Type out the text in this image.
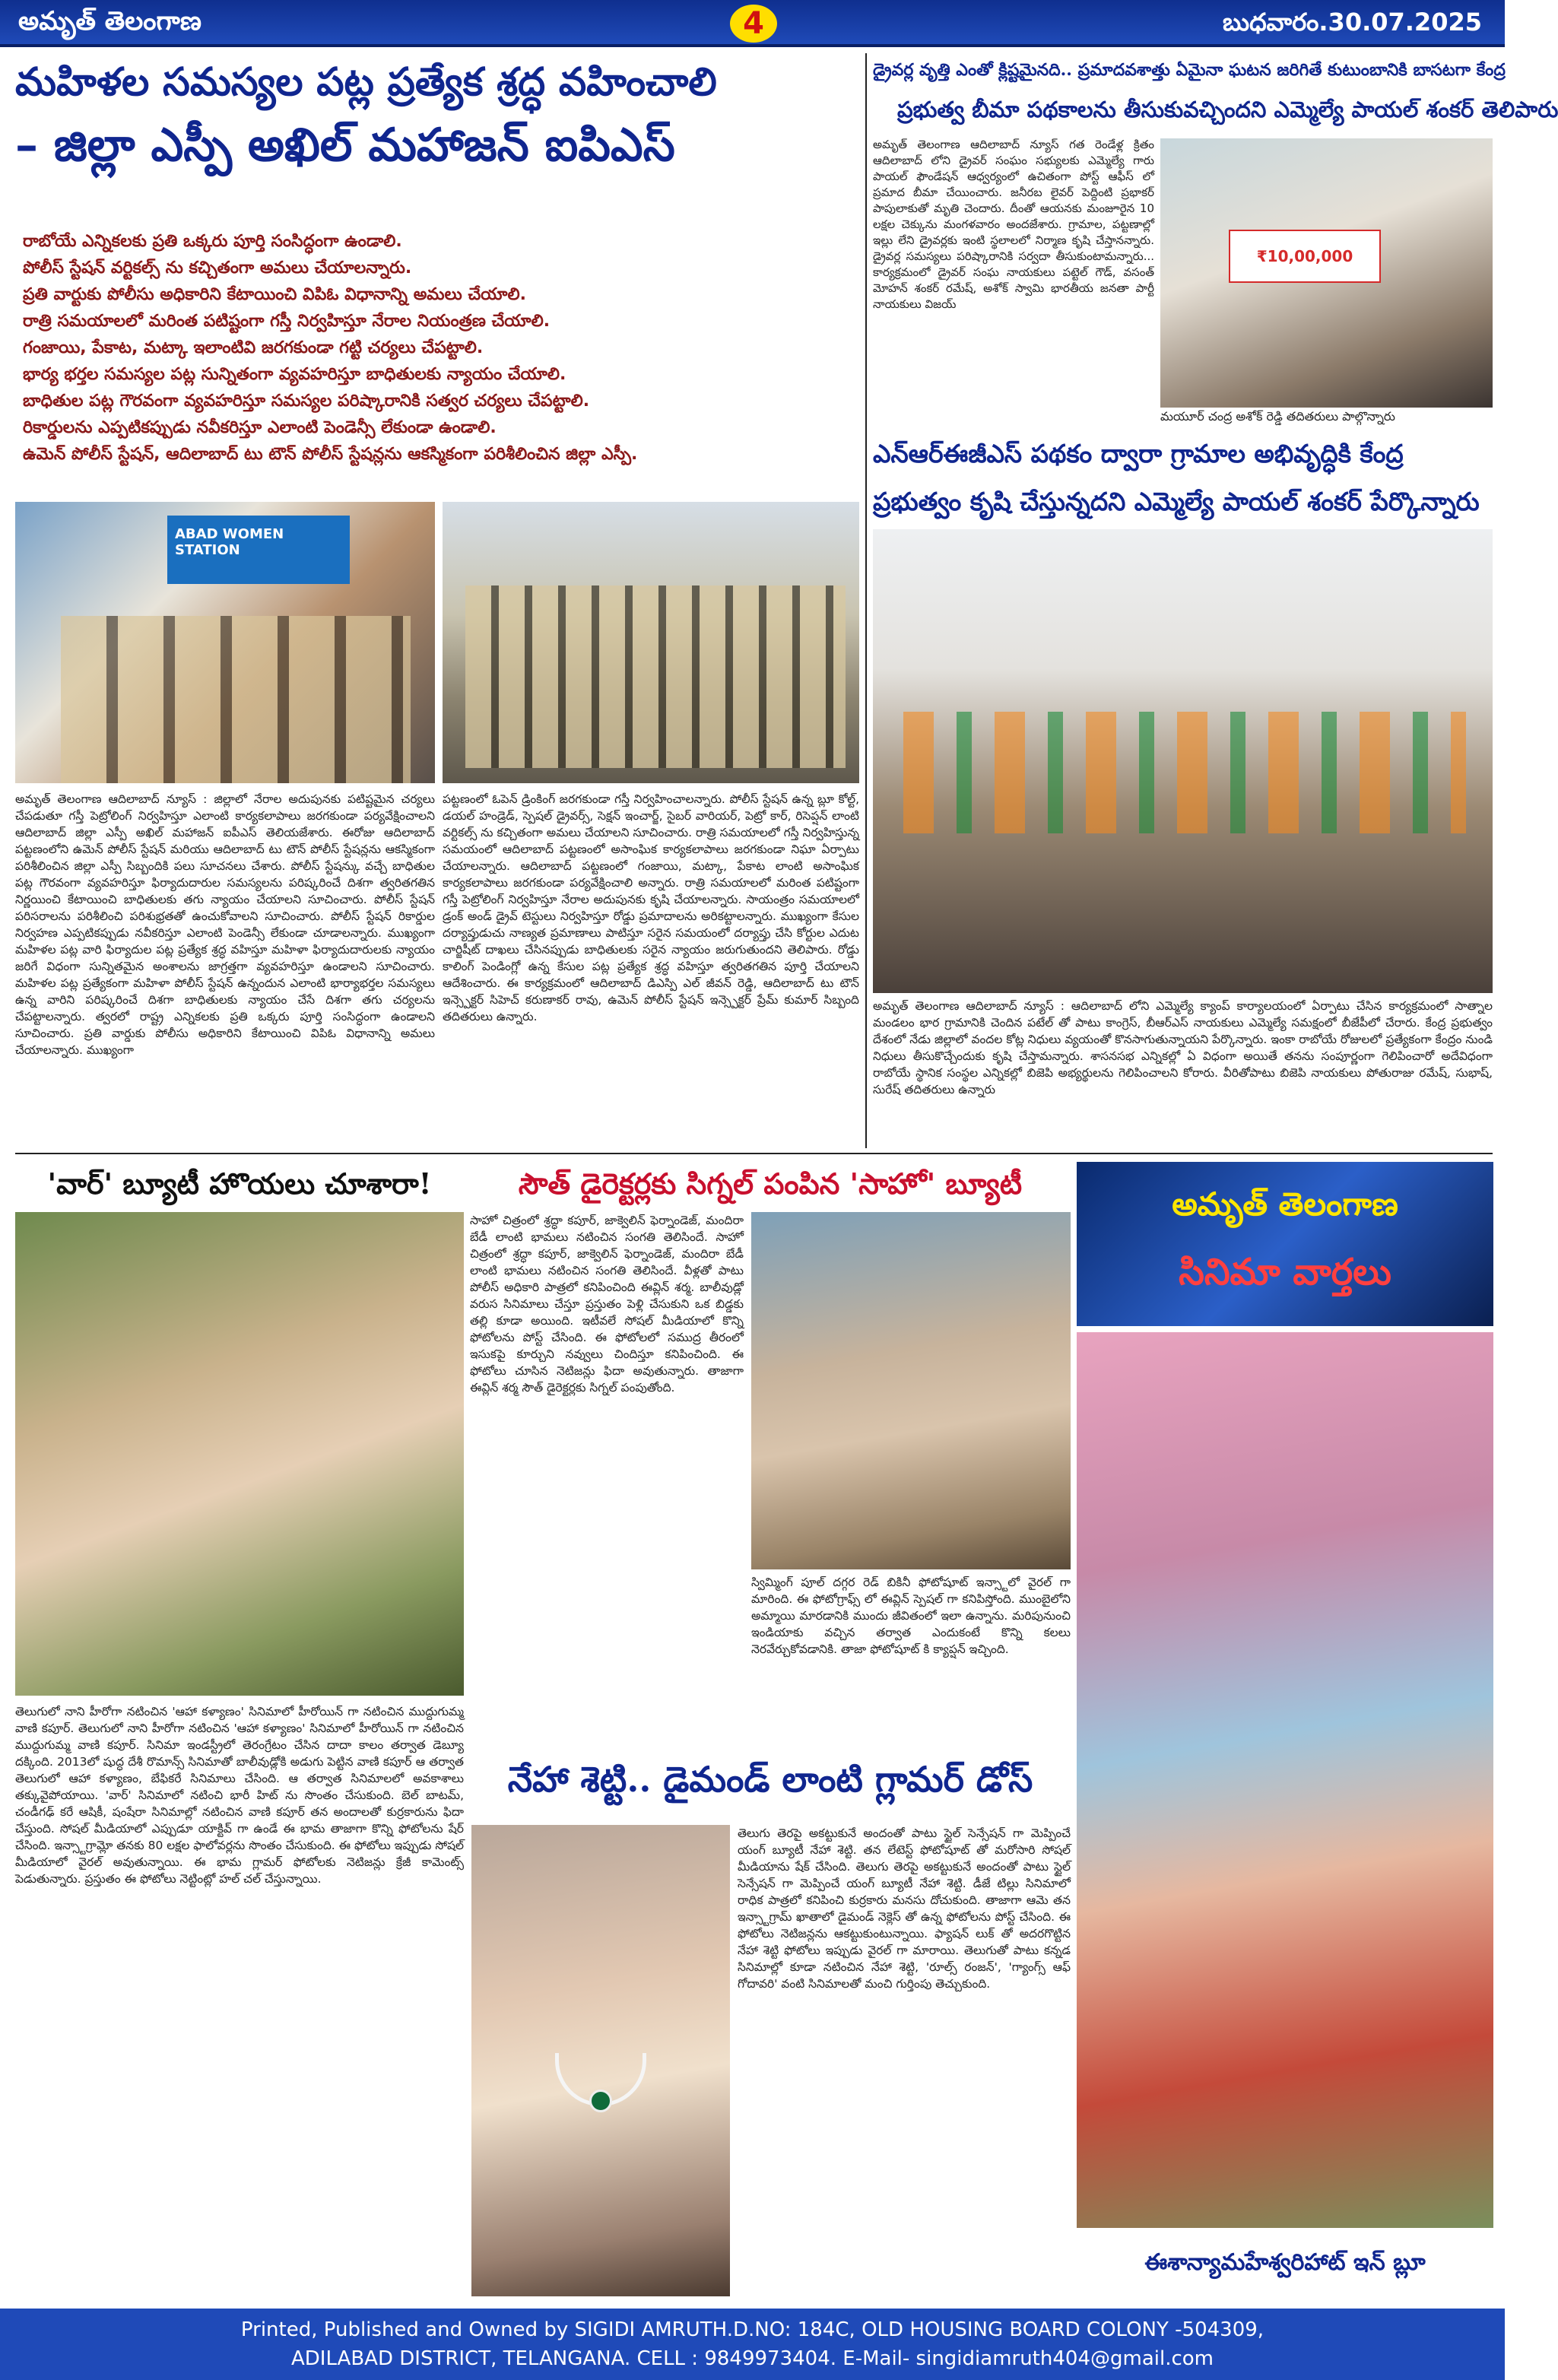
అమృత్ తెలంగాణ	4	బుధవారం.30.07.2025
మహిళల సమస్యల పట్ల ప్రత్యేక శ్రద్ధ వహించాలి
– జిల్లా ఎస్పీ అఖిల్ మహాజన్ ఐపిఎస్

రాబోయే ఎన్నికలకు ప్రతి ఒక్కరు పూర్తి సంసిద్ధంగా ఉండాలి.

పోలీస్ స్టేషన్ వర్టికల్స్ ను కచ్చితంగా అమలు చేయాలన్నారు.

ప్రతి వార్టుకు పోలీసు అధికారిని కేటాయించి విపిఓ విధానాన్ని అమలు చేయాలి.

రాత్రి సమయాలలో మరింత పటిష్టంగా గస్తీ నిర్వహిస్తూ నేరాల నియంత్రణ చేయాలి.

గంజాయి, పేకాట, మట్కా ఇలాంటివి జరగకుండా గట్టి చర్యలు చేపట్టాలి.

భార్య భర్తల సమస్యల పట్ల సున్నితంగా వ్యవహరిస్తూ బాధితులకు న్యాయం చేయాలి.

బాధితుల పట్ల గౌరవంగా వ్యవహరిస్తూ సమస్యల పరిష్కారానికి సత్వర చర్యలు చేపట్టాలి.

రికార్డులను ఎప్పటికప్పుడు నవీకరిస్తూ ఎలాంటి పెండెన్సీ లేకుండా ఉండాలి.

ఉమెన్ పోలీస్ స్టేషన్, ఆదిలాబాద్ టు టౌన్ పోలీస్ స్టేషన్లను ఆకస్మికంగా పరిశీలించిన జిల్లా ఎస్పీ.

ABAD WOMEN STATION
అమృత్ తెలంగాణ ఆదిలాబాద్ న్యూస్ : జిల్లాలో నేరాల అదుపునకు పటిష్టమైన చర్యలు చేపడుతూ గస్తీ పెట్రోలింగ్ నిర్వహిస్తూ ఎలాంటి కార్యకలాపాలు జరగకుండా పర్యవేక్షించాలని ఆదిలాబాద్ జిల్లా ఎస్పీ అఖిల్ మహాజన్ ఐపీఎస్ తెలియజేశారు. ఈరోజు ఆదిలాబాద్ పట్టణంలోని ఉమెన్ పోలీస్ స్టేషన్ మరియు ఆదిలాబాద్ టు టౌన్ పోలీస్ స్టేషన్లను ఆకస్మికంగా పరిశీలించిన జిల్లా ఎస్పీ సిబ్బందికి పలు సూచనలు చేశారు. పోలీస్ స్టేషన్కు వచ్చే బాధితుల పట్ల గౌరవంగా వ్యవహరిస్తూ ఫిర్యాదుదారుల సమస్యలను పరిష్కరించే దిశగా త్వరితగతిన నిర్ణయించి కేటాయించి బాధితులకు తగు న్యాయం చేయాలని సూచించారు. పోలీస్ స్టేషన్ పరిసరాలను పరిశీలించి పరిశుభ్రతతో ఉంచుకోవాలని సూచించారు. పోలీస్ స్టేషన్ రికార్డుల నిర్వహణ ఎప్పటికప్పుడు నవీకరిస్తూ ఎలాంటి పెండెన్సీ లేకుండా చూడాలన్నారు. ముఖ్యంగా మహిళల పట్ల వారి ఫిర్యాదుల పట్ల ప్రత్యేక శ్రద్ధ వహిస్తూ మహిళా ఫిర్యాదుదారులకు న్యాయం జరిగే విధంగా సున్నితమైన అంశాలను జాగ్రత్తగా వ్యవహరిస్తూ ఉండాలని సూచించారు. మహిళల పట్ల ప్రత్యేకంగా మహిళా పోలీస్ స్టేషన్ ఉన్నందున ఎలాంటి భార్యాభర్తల సమస్యలు ఉన్న వారిని పరిష్కరించే దిశగా బాధితులకు న్యాయం చేసే దిశగా తగు చర్యలను చేపట్టాలన్నారు. త్వరలో రాష్ట్ర ఎన్నికలకు ప్రతి ఒక్కరు పూర్తి సంసిద్ధంగా ఉండాలని సూచించారు. ప్రతి వార్డుకు పోలీసు అధికారిని కేటాయించి విపిఓ విధానాన్ని అమలు చేయాలన్నారు. ముఖ్యంగా
పట్టణంలో ఓపెన్ డ్రింకింగ్ జరగకుండా గస్తీ నిర్వహించాలన్నారు. పోలీస్ స్టేషన్ ఉన్న బ్లూ కోల్ట్, డయల్ హండ్రెడ్, స్పెషల్ డ్రైవర్స్, సెక్షన్ ఇంచార్జ్, సైబర్ వారియర్, పెట్రో కార్, రిసెప్షన్ లాంటి వర్టికల్స్ ను కచ్చితంగా అమలు చేయాలని సూచించారు. రాత్రి సమయాలలో గస్తీ నిర్వహిస్తున్న సమయంలో ఆదిలాబాద్ పట్టణంలో అసాంఘిక కార్యకలాపాలు జరగకుండా నిఘా ఏర్పాటు చేయాలన్నారు. ఆదిలాబాద్ పట్టణంలో గంజాయి, మట్కా, పేకాట లాంటి అసాంఘిక కార్యకలాపాలు జరగకుండా పర్యవేక్షించాలి అన్నారు. రాత్రి సమయాలలో మరింత పటిష్టంగా గస్తీ పెట్రోలింగ్ నిర్వహిస్తూ నేరాల అదుపునకు కృషి చేయాలన్నారు. సాయంత్రం సమయాలలో డ్రంక్ అండ్ డ్రైవ్ టెస్టులు నిర్వహిస్తూ రోడ్డు ప్రమాదాలను అరికట్టాలన్నారు. ముఖ్యంగా కేసుల దర్యాప్తుడుచు నాణ్యత ప్రమాణాలు పాటిస్తూ సరైన సమయంలో దర్యాప్తు చేసి కోర్టుల ఎదుట చార్జిషీట్ దాఖలు చేసినప్పుడు బాధితులకు సరైన న్యాయం జరుగుతుందని తెలిపారు. రోడ్డు కాలింగ్ పెండింగ్లో ఉన్న కేసుల పట్ల ప్రత్యేక శ్రద్ధ వహిస్తూ త్వరితగతిన పూర్తి చేయాలని ఆదేశించారు. ఈ కార్యక్రమంలో ఆదిలాబాద్ డిఎస్పి ఎల్ జీవన్ రెడ్డి, ఆదిలాబాద్ టు టౌన్ ఇన్స్పెక్టర్ సిహెచ్ కరుణాకర్ రావు, ఉమెన్ పోలీస్ స్టేషన్ ఇన్స్పెక్టర్ ప్రేమ్ కుమార్ సిబ్బంది తదితరులు ఉన్నారు.
డ్రైవర్ల వృత్తి ఎంతో క్లిష్టమైనది.. ప్రమాదవశాత్తు ఏమైనా ఘటన జరిగితే కుటుంబానికి బాసటగా కేంద్ర
ప్రభుత్వ బీమా పథకాలను తీసుకువచ్చిందని ఎమ్మెల్యే పాయల్ శంకర్ తెలిపారు
అమృత్ తెలంగాణ ఆదిలాబాద్ న్యూస్ గత రెండేళ్ల క్రితం ఆదిలాబాద్ లోని డ్రైవర్ సంఘం సభ్యులకు ఎమ్మెల్యే గారు పాయల్ ఫౌండేషన్ ఆధ్వర్యంలో ఉచితంగా పోస్ట్ ఆఫీస్ లో ప్రమాద బీమా చేయించారు. జనీరబ లైవర్ పెద్దింటి ప్రభాకర్ పాపులాకుతో మృతి చెందారు. దీంతో ఆయనకు మంజూరైన 10 లక్షల చెక్కును మంగళవారం అందజేశారు. గ్రామాల, పట్టణాల్లో ఇల్లు లేని డ్రైవర్లకు ఇంటి స్థలాలలో నిర్మాణ కృషి చేస్తానన్నారు. డ్రైవర్ల సమస్యలు పరిష్కారానికి సర్వదా తీసుకుంటామన్నారు... కార్యక్రమంలో డ్రైవర్ సంఘ నాయకులు పట్టెల్ గౌడ్, వసంత్ మోహన్ శంకర్ రమేష్, అశోక్ స్వామి భారతీయ జనతా పార్టీ నాయకులు విజయ్
₹10,00,000
మయూర్ చంద్ర అశోక్ రెడ్డి తదితరులు పాల్గొన్నారు
ఎన్ఆర్ఈజీఎస్ పథకం ద్వారా గ్రామాల అభివృద్ధికి కేంద్ర
ప్రభుత్వం కృషి చేస్తున్నదని ఎమ్మెల్యే పాయల్ శంకర్ పేర్కొన్నారు
అమృత్ తెలంగాణ ఆదిలాబాద్ న్యూస్ : ఆదిలాబాద్ లోని ఎమ్మెల్యే క్యాంప్ కార్యాలయంలో ఏర్పాటు చేసిన కార్యక్రమంలో సాత్నాల మండలం భార గ్రామానికి చెందిన పటేల్ తో పాటు కాంగ్రెస్, బీఆర్ఎస్ నాయకులు ఎమ్మెల్యే సమక్షంలో బీజేపీలో చేరారు. కేంద్ర ప్రభుత్వం దేశంలో నేడు జిల్లాలో వందల కోట్ల నిధులు వ్యయంతో కొనసాగుతున్నాయని పేర్కొన్నారు. ఇంకా రాబోయే రోజులలో ప్రత్యేకంగా కేంద్రం నుండి నిధులు తీసుకొచ్చేందుకు కృషి చేస్తామన్నారు. శాసనసభ ఎన్నికల్లో ఏ విధంగా అయితే తనను సంపూర్ణంగా గెలిపించారో అదేవిధంగా రాబోయే స్థానిక సంస్థల ఎన్నికల్లో బిజెపి అభ్యర్థులను గెలిపించాలని కోరారు. వీరితోపాటు బిజెపి నాయకులు పోతురాజు రమేష్, సుభాష్, సురేష్ తదితరులు ఉన్నారు
'వార్' బ్యూటీ హొయలు చూశారా!
తెలుగులో నాని హీరోగా నటించిన 'ఆహా కళ్యాణం' సినిమాలో హీరోయిన్ గా నటించిన ముద్దుగుమ్మ వాణి కపూర్. తెలుగులో నాని హీరోగా నటించిన 'ఆహా కళ్యాణం' సినిమాలో హీరోయిన్ గా నటించిన ముద్దుగుమ్మ వాణి కపూర్. సినిమా ఇండస్ట్రీలో తెరంగ్రేటం చేసిన దాదా కాలం తర్వాత డెబ్యూ దక్కింది. 2013లో షుద్ధ దేశీ రొమాన్స్ సినిమాతో బాలీవుడ్లోకి అడుగు పెట్టిన వాణి కపూర్ ఆ తర్వాత తెలుగులో ఆహా కళ్యాణం, బేఫికరే సినిమాలు చేసింది. ఆ తర్వాత సినిమాలలో అవకాశాలు తక్కువైపోయాయి. 'వార్' సినిమాలో నటించి భారీ హిట్ ను సొంతం చేసుకుంది. బెల్ బాటమ్, చండీగఢ్ కరే ఆషికీ, షంషేరా సినిమాల్లో నటించిన వాణి కపూర్ తన అందాలతో కుర్రకారును ఫిదా చేస్తుంది. సోషల్ మీడియాలో ఎప్పుడూ యాక్టివ్ గా ఉండే ఈ భామ తాజాగా కొన్ని ఫోటోలను షేర్ చేసింది. ఇన్స్టాగ్రామ్లో తనకు 80 లక్షల ఫాలోవర్లను సొంతం చేసుకుంది. ఈ ఫోటోలు ఇప్పుడు సోషల్ మీడియాలో వైరల్ అవుతున్నాయి. ఈ భామ గ్లామర్ ఫోటోలకు నెటిజన్లు క్రేజీ కామెంట్స్ పెడుతున్నారు. ప్రస్తుతం ఈ ఫోటోలు నెట్టింట్లో హల్ చల్ చేస్తున్నాయి.
సౌత్ డైరెక్టర్లకు సిగ్నల్ పంపిన 'సాహో' బ్యూటీ
సాహో చిత్రంలో శ్రద్ధా కపూర్, జాక్వెలిన్ ఫెర్నాండెజ్, మందిరా బేడీ లాంటి భామలు నటించిన సంగతి తెలిసిందే. సాహో చిత్రంలో శ్రద్ధా కపూర్, జాక్వెలిన్ ఫెర్నాండెజ్, మందిరా బేడీ లాంటి భామలు నటించిన సంగతి తెలిసిందే. వీళ్లతో పాటు పోలీస్ అధికారి పాత్రలో కనిపించింది ఈవ్లిన్ శర్మ. బాలీవుడ్లో వరుస సినిమాలు చేస్తూ ప్రస్తుతం పెళ్లి చేసుకుని ఒక బిడ్డకు తల్లి కూడా అయింది. ఇటీవలే సోషల్ మీడియాలో కొన్ని ఫోటోలను పోస్ట్ చేసింది. ఈ ఫోటోలలో సముద్ర తీరంలో ఇసుకపై కూర్చుని నవ్వులు చిందిస్తూ కనిపించింది. ఈ ఫోటోలు చూసిన నెటిజన్లు ఫిదా అవుతున్నారు. తాజాగా ఈవ్లిన్ శర్మ సౌత్ డైరెక్టర్లకు సిగ్నల్ పంపుతోంది.
స్విమ్మింగ్ పూల్ దగ్గర రెడ్ బికినీ ఫోటోషూట్ ఇన్స్టాలో వైరల్ గా మారింది. ఈ ఫోటోగ్రాఫ్స్ లో ఈవ్లిన్ స్పెషల్ గా కనిపిస్తోంది. ముంబైలోని అమ్మాయి మారడానికి ముందు జీవితంలో ఇలా ఉన్నాను. మరిపునుంచి ఇండియాకు వచ్చిన తర్వాత ఎందుకంటే కొన్ని కలలు నెరవేర్చుకోవడానికి. తాజా ఫోటోషూట్ కి క్యాప్షన్ ఇచ్చింది.
అమృత్ తెలంగాణ
సినిమా వార్తలు
ఈశాన్యామహేశ్వరిహాట్ ఇన్ బ్లూ
నేహా శెట్టి.. డైమండ్ లాంటి గ్లామర్ డోస్
తెలుగు తెరపై అకట్టుకునే అందంతో పాటు స్టైల్ సెన్సేషన్ గా మెప్పించే యంగ్ బ్యూటీ నేహా శెట్టి. తన లేటెస్ట్ ఫోటోషూట్ తో మరోసారి సోషల్ మీడియాను షేక్ చేసింది. తెలుగు తెరపై అకట్టుకునే అందంతో పాటు స్టైల్ సెన్సేషన్ గా మెప్పించే యంగ్ బ్యూటీ నేహా శెట్టి. డీజే టిల్లు సినిమాలో రాధిక పాత్రలో కనిపించి కుర్రకారు మనసు దోచుకుంది. తాజాగా ఆమె తన ఇన్స్టాగ్రామ్ ఖాతాలో డైమండ్ నెక్లెస్ తో ఉన్న ఫోటోలను పోస్ట్ చేసింది. ఈ ఫోటోలు నెటిజన్లను ఆకట్టుకుంటున్నాయి. ఫ్యాషన్ లుక్ తో అదరగొట్టిన నేహా శెట్టి ఫోటోలు ఇప్పుడు వైరల్ గా మారాయి. తెలుగుతో పాటు కన్నడ సినిమాల్లో కూడా నటించిన నేహా శెట్టి, 'రూల్స్ రంజన్', 'గ్యాంగ్స్ ఆఫ్ గోదావరి' వంటి సినిమాలతో మంచి గుర్తింపు తెచ్చుకుంది.
Printed, Published and Owned by SIGIDI AMRUTH.D.NO: 184C, OLD HOUSING BOARD COLONY -504309,
ADILABAD DISTRICT, TELANGANA. CELL : 9849973404. E-Mail- singidiamruth404@gmail.com
